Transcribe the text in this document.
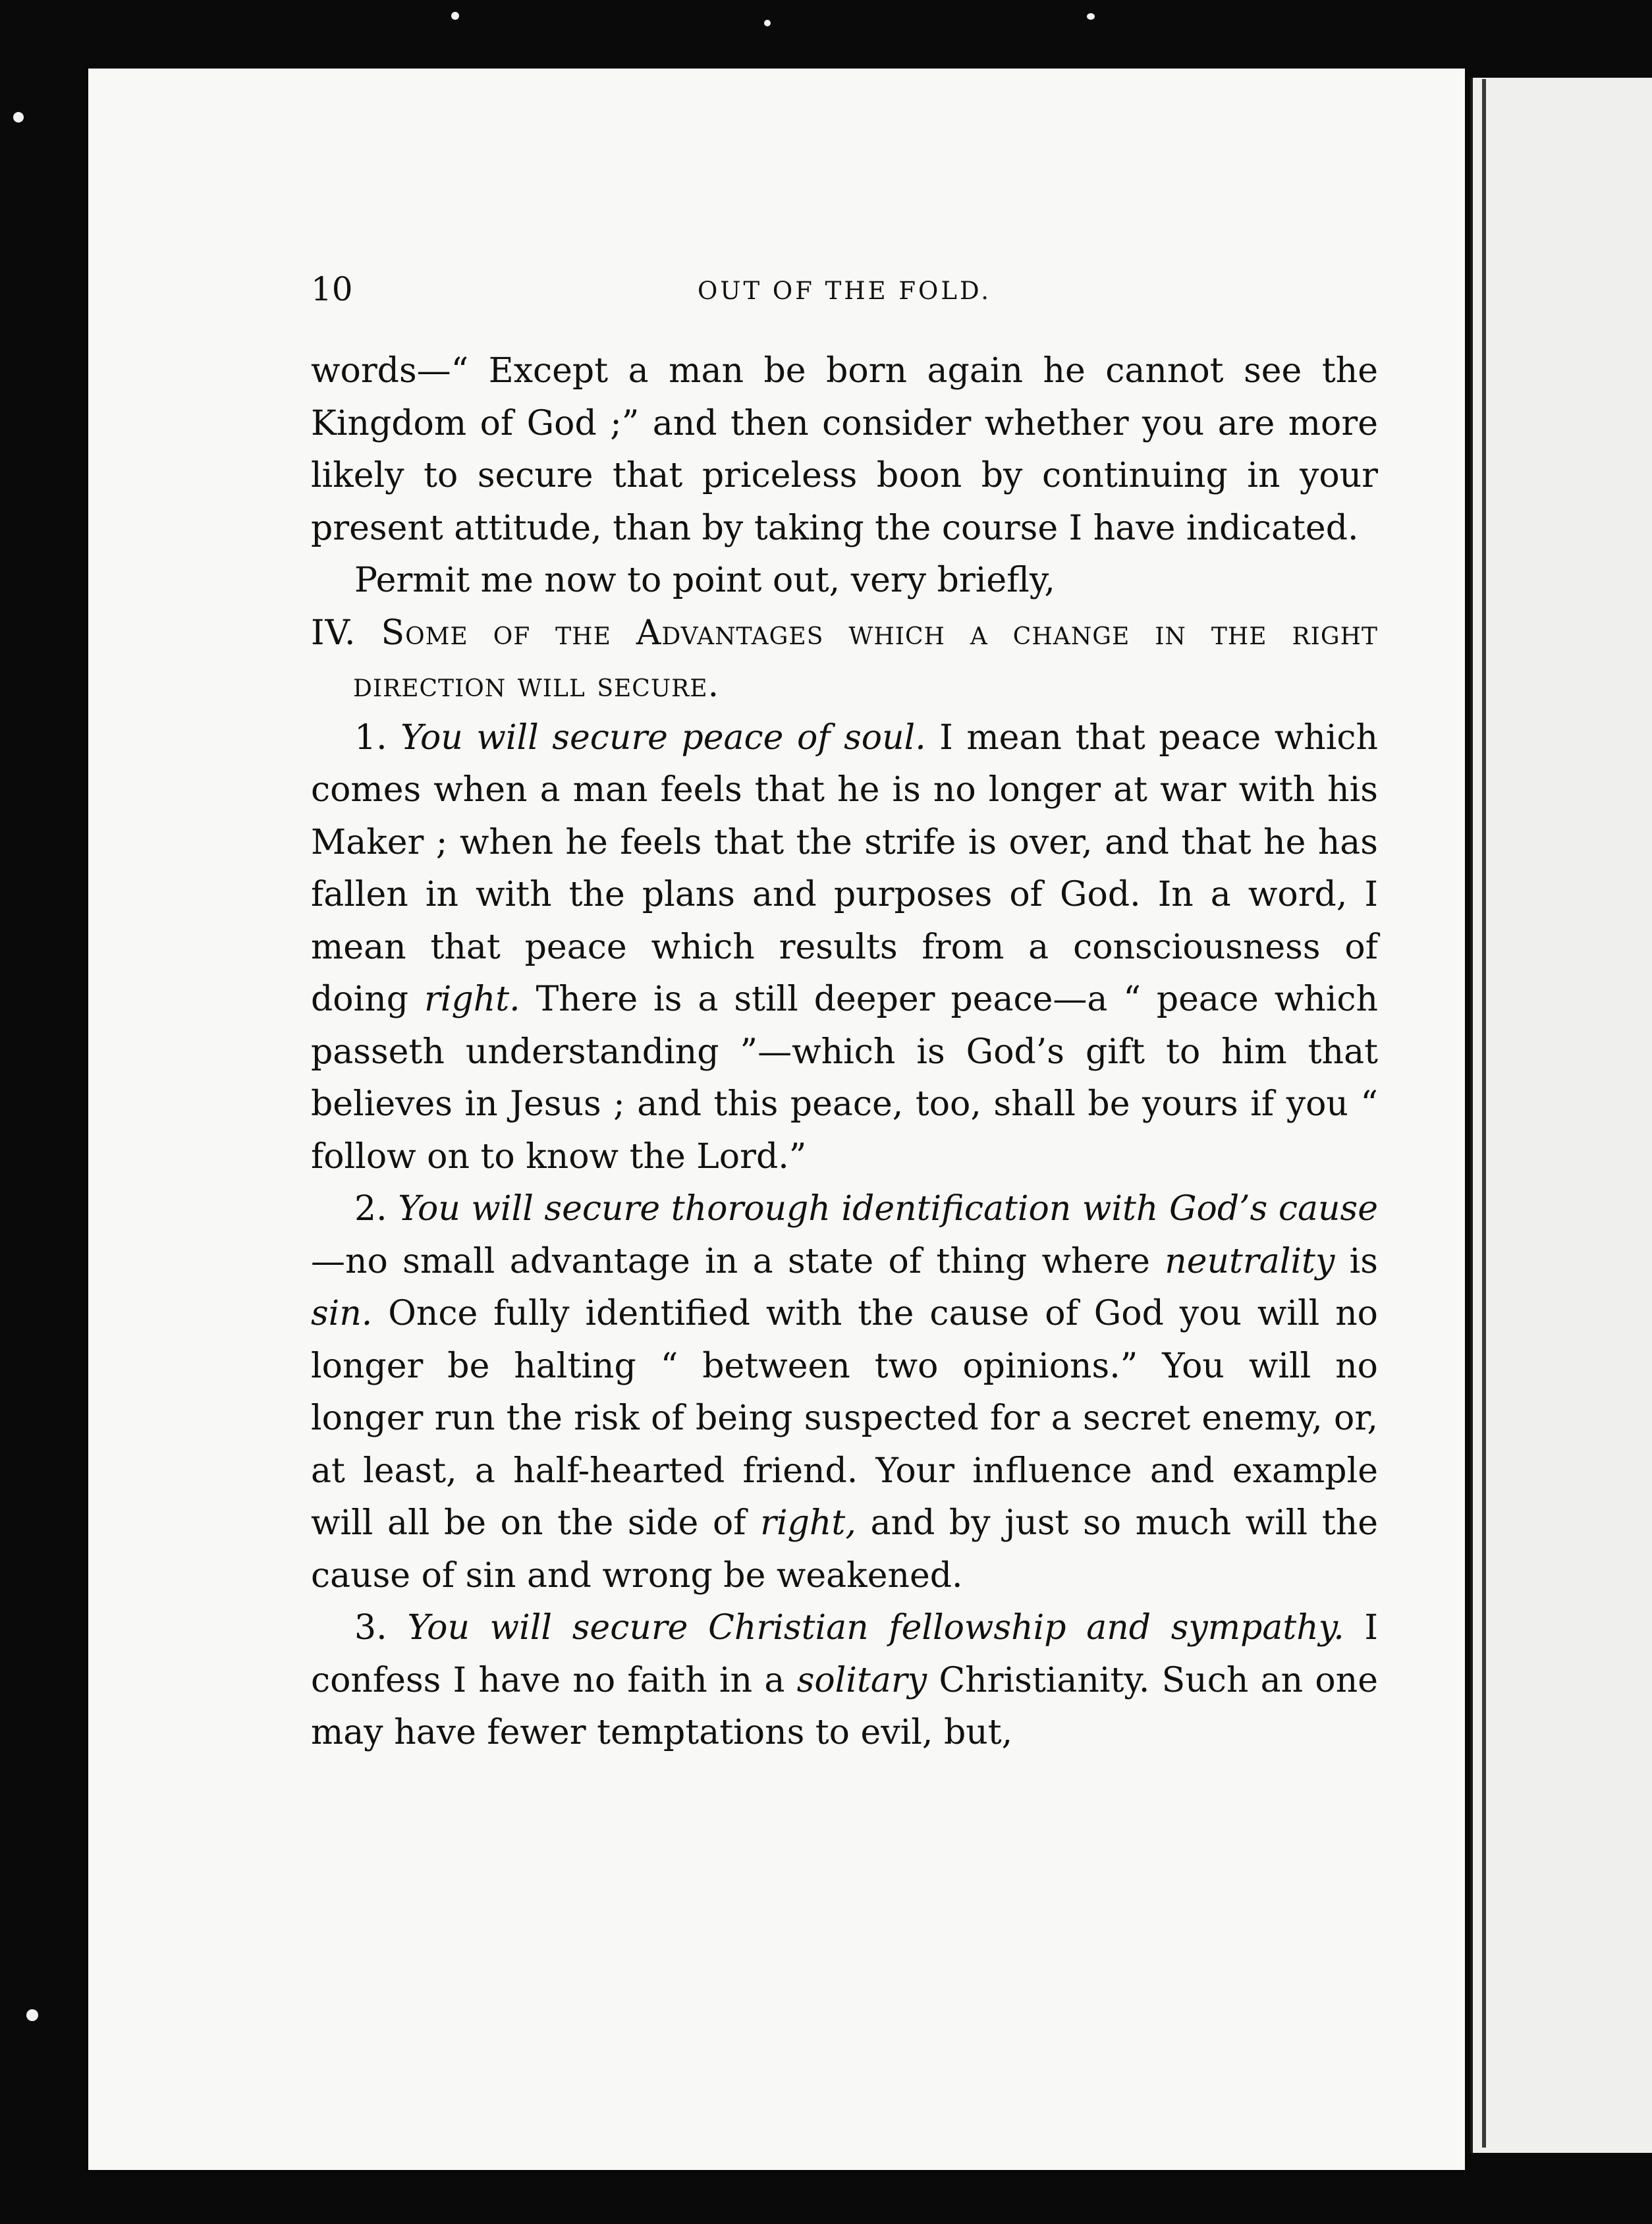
10	OUT OF THE FOLD.

words—“ Except a man be born again he cannot see the Kingdom of God ;” and then consider whether you are more likely to secure that priceless boon by continuing in your present attitude, than by taking the course I have indicated.

Permit me now to point out, very briefly,

IV. Some of the Advantages which a change in the right direction will secure.

1. You will secure peace of soul. I mean that peace which comes when a man feels that he is no longer at war with his Maker ; when he feels that the strife is over, and that he has fallen in with the plans and purposes of God. In a word, I mean that peace which results from a consciousness of doing right. There is a still deeper peace—a “ peace which passeth understanding ”—which is God’s gift to him that believes in Jesus ; and this peace, too, shall be yours if you “ follow on to know the Lord.”

2. You will secure thorough identification with God’s cause—no small advantage in a state of thing where neutrality is sin. Once fully identified with the cause of God you will no longer be halting “ between two opinions.” You will no longer run the risk of being suspected for a secret enemy, or, at least, a half-hearted friend. Your influence and example will all be on the side of right, and by just so much will the cause of sin and wrong be weakened.

3. You will secure Christian fellowship and sympathy. I confess I have no faith in a solitary Christianity. Such an one may have fewer temptations to evil, but,
